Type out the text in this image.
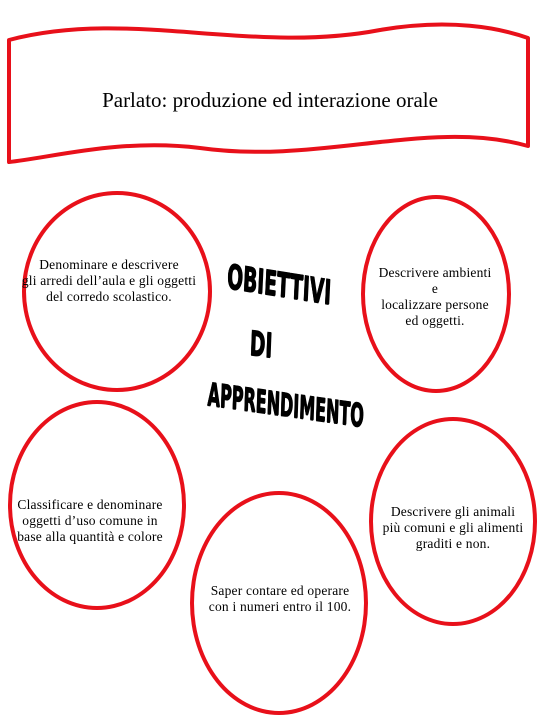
Parlato: produzione ed interazione orale
Denominare e descrivere
gli arredi dell’aula e gli oggetti
del corredo scolastico.
Descrivere ambienti
e
localizzare persone
ed oggetti.
OBIETTIVI
DI
APPRENDIMENTO
Classificare e denominare
oggetti d’uso comune in
base alla quantità e colore
Descrivere gli animali
più comuni e gli alimenti
graditi e non.
Saper contare ed operare
con i numeri entro il 100.
